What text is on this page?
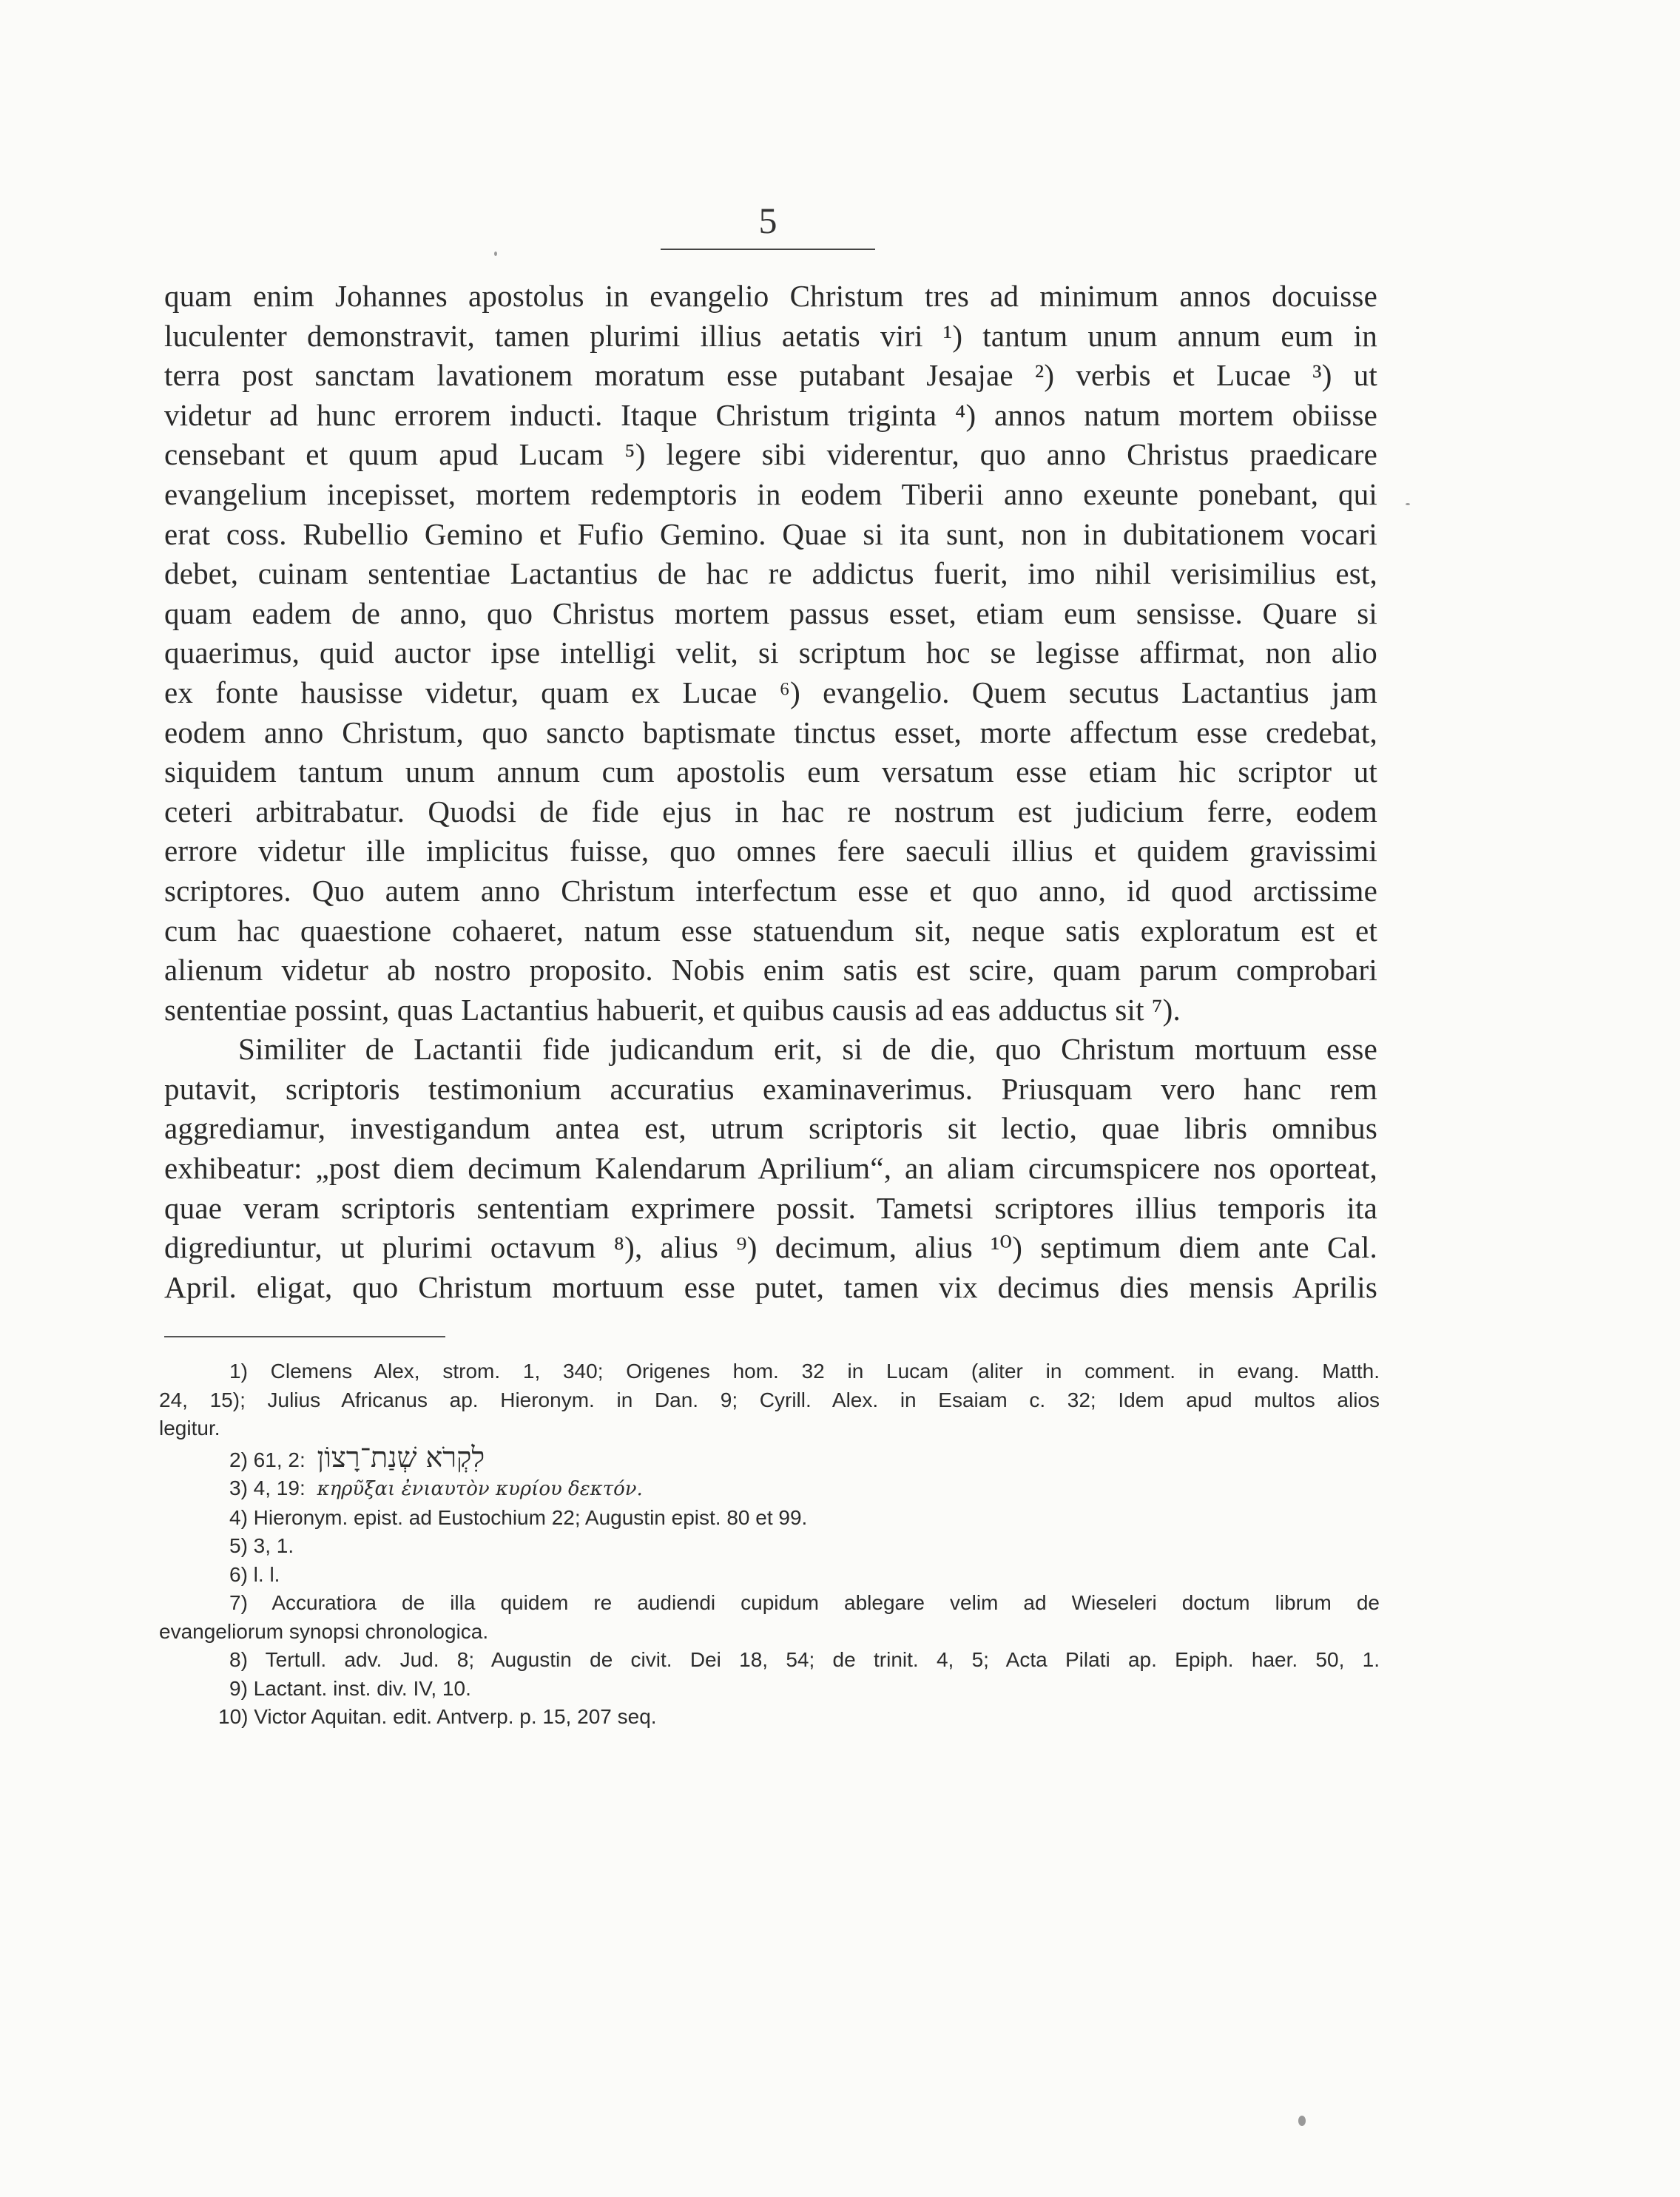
5
quam enim Johannes apostolus in evangelio Christum tres ad minimum annos docuisse
luculenter demonstravit, tamen plurimi illius aetatis viri ¹) tantum unum annum eum in
terra post sanctam lavationem moratum esse putabant Jesajae ²) verbis et Lucae ³) ut
videtur ad hunc errorem inducti. Itaque Christum triginta ⁴) annos natum mortem obiisse
censebant et quum apud Lucam ⁵) legere sibi viderentur, quo anno Christus praedicare
evangelium incepisset, mortem redemptoris in eodem Tiberii anno exeunte ponebant, qui
erat coss. Rubellio Gemino et Fufio Gemino. Quae si ita sunt, non in dubitationem vocari
debet, cuinam sententiae Lactantius de hac re addictus fuerit, imo nihil verisimilius est,
quam eadem de anno, quo Christus mortem passus esset, etiam eum sensisse. Quare si
quaerimus, quid auctor ipse intelligi velit, si scriptum hoc se legisse affirmat, non alio
ex fonte hausisse videtur, quam ex Lucae ⁶) evangelio. Quem secutus Lactantius jam
eodem anno Christum, quo sancto baptismate tinctus esset, morte affectum esse credebat,
siquidem tantum unum annum cum apostolis eum versatum esse etiam hic scriptor ut
ceteri arbitrabatur. Quodsi de fide ejus in hac re nostrum est judicium ferre, eodem
errore videtur ille implicitus fuisse, quo omnes fere saeculi illius et quidem gravissimi
scriptores. Quo autem anno Christum interfectum esse et quo anno, id quod arctissime
cum hac quaestione cohaeret, natum esse statuendum sit, neque satis exploratum est et
alienum videtur ab nostro proposito. Nobis enim satis est scire, quam parum comprobari
sententiae possint, quas Lactantius habuerit, et quibus causis ad eas adductus sit ⁷).
Similiter de Lactantii fide judicandum erit, si de die, quo Christum mortuum esse
putavit, scriptoris testimonium accuratius examinaverimus. Priusquam vero hanc rem
aggrediamur, investigandum antea est, utrum scriptoris sit lectio, quae libris omnibus
exhibeatur: „post diem decimum Kalendarum Aprilium“, an aliam circumspicere nos oporteat,
quae veram scriptoris sententiam exprimere possit. Tametsi scriptores illius temporis ita
digrediuntur, ut plurimi octavum ⁸), alius ⁹) decimum, alius ¹⁰) septimum diem ante Cal.
April. eligat, quo Christum mortuum esse putet, tamen vix decimus dies mensis Aprilis
1) Clemens Alex, strom. 1, 340; Origenes hom. 32 in Lucam (aliter in comment. in evang. Matth.
24, 15); Julius Africanus ap. Hieronym. in Dan. 9; Cyrill. Alex. in Esaiam c. 32; Idem apud multos alios
legitur.
2) 61, 2: לִקְרֹא שְׁנַת־רָצוֹן
3) 4, 19: κηρῦξαι ἐνιαυτὸν κυρίου δεκτόν.
4) Hieronym. epist. ad Eustochium 22; Augustin epist. 80 et 99.
5) 3, 1.
6) l. l.
7) Accuratiora de illa quidem re audiendi cupidum ablegare velim ad Wieseleri doctum librum de
evangeliorum synopsi chronologica.
8) Tertull. adv. Jud. 8; Augustin de civit. Dei 18, 54; de trinit. 4, 5; Acta Pilati ap. Epiph. haer. 50, 1.
9) Lactant. inst. div. IV, 10.
10) Victor Aquitan. edit. Antverp. p. 15, 207 seq.
